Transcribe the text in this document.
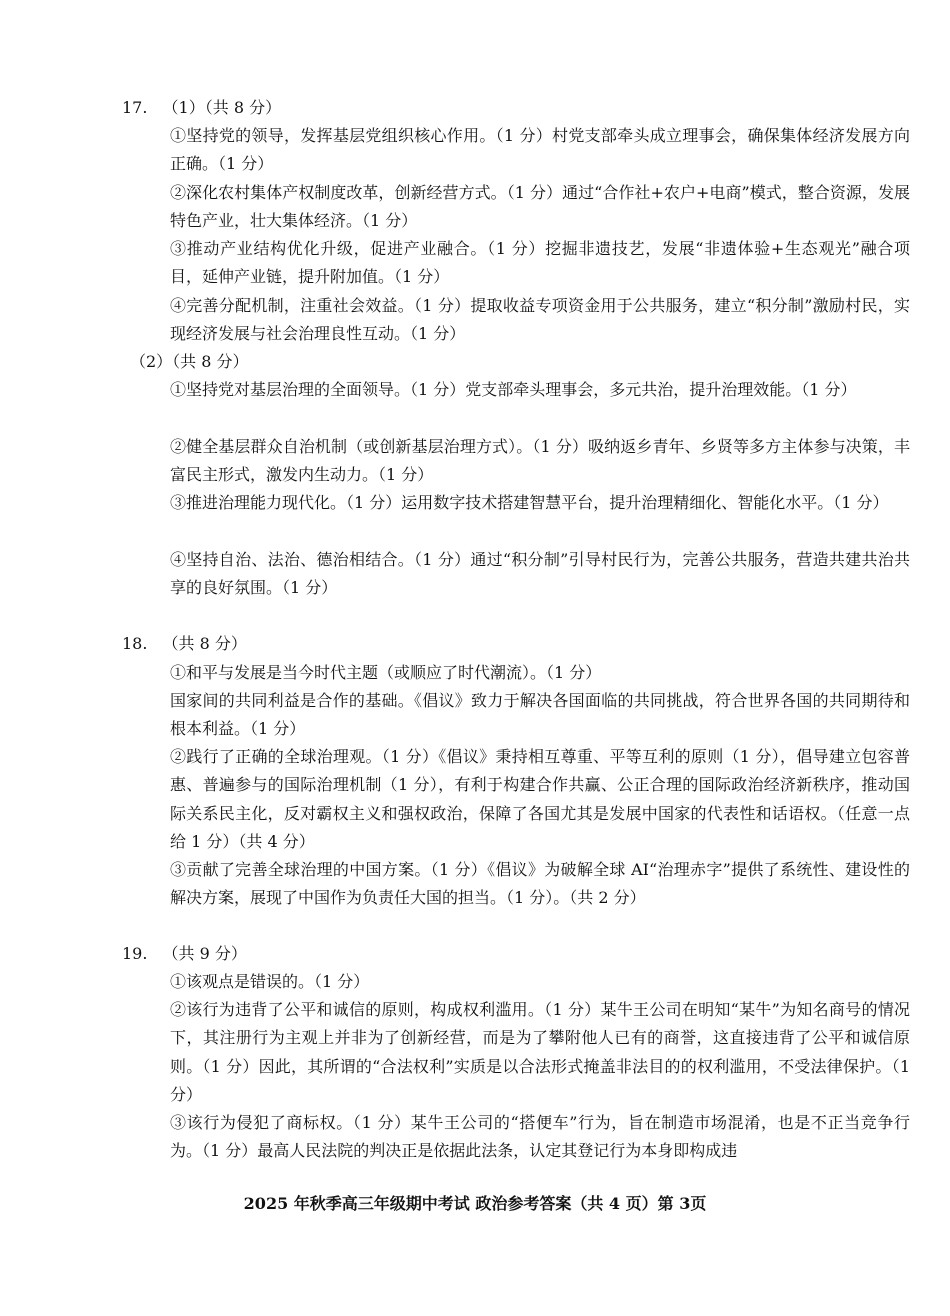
17. （1）（共 8 分）

①坚持党的领导，发挥基层党组织核心作用。（1 分）村党支部牵头成立理事会，确保集体经济发展方向正确。（1 分）

②深化农村集体产权制度改革，创新经营方式。（1 分）通过“合作社+农户+电商”模式，整合资源，发展特色产业，壮大集体经济。（1 分）

③推动产业结构优化升级，促进产业融合。（1 分）挖掘非遗技艺，发展“非遗体验+生态观光”融合项目，延伸产业链，提升附加值。（1 分）

④完善分配机制，注重社会效益。（1 分）提取收益专项资金用于公共服务，建立“积分制”激励村民，实现经济发展与社会治理良性互动。（1 分）

（2）（共 8 分）

①坚持党对基层治理的全面领导。（1 分）党支部牵头理事会，多元共治，提升治理效能。（1 分）

②健全基层群众自治机制（或创新基层治理方式）。（1 分）吸纳返乡青年、乡贤等多方主体参与决策，丰富民主形式，激发内生动力。（1 分）

③推进治理能力现代化。（1 分）运用数字技术搭建智慧平台，提升治理精细化、智能化水平。（1 分）

④坚持自治、法治、德治相结合。（1 分）通过“积分制”引导村民行为，完善公共服务，营造共建共治共享的良好氛围。（1 分）

18. （共 8 分）

①和平与发展是当今时代主题（或顺应了时代潮流）。（1 分）

国家间的共同利益是合作的基础。《倡议》致力于解决各国面临的共同挑战，符合世界各国的共同期待和根本利益。（1 分）

②践行了正确的全球治理观。（1 分）《倡议》秉持相互尊重、平等互利的原则（1 分），倡导建立包容普惠、普遍参与的国际治理机制（1 分），有利于构建合作共赢、公正合理的国际政治经济新秩序，推动国际关系民主化，反对霸权主义和强权政治，保障了各国尤其是发展中国家的代表性和话语权。（任意一点给 1 分）（共 4 分）

③贡献了完善全球治理的中国方案。（1 分）《倡议》为破解全球 AI“治理赤字”提供了系统性、建设性的解决方案，展现了中国作为负责任大国的担当。（1 分）。（共 2 分）

19. （共 9 分）

①该观点是错误的。（1 分）

②该行为违背了公平和诚信的原则，构成权利滥用。（1 分）某牛王公司在明知“某牛”为知名商号的情况下，其注册行为主观上并非为了创新经营，而是为了攀附他人已有的商誉，这直接违背了公平和诚信原则。（1 分）因此，其所谓的“合法权利”实质是以合法形式掩盖非法目的的权利滥用，不受法律保护。（1 分）

③该行为侵犯了商标权。（1 分）某牛王公司的“搭便车”行为，旨在制造市场混淆，也是不正当竞争行为。（1 分）最高人民法院的判决正是依据此法条，认定其登记行为本身即构成违

2025 年秋季高三年级期中考试 政治参考答案（共 4 页）第 3页
